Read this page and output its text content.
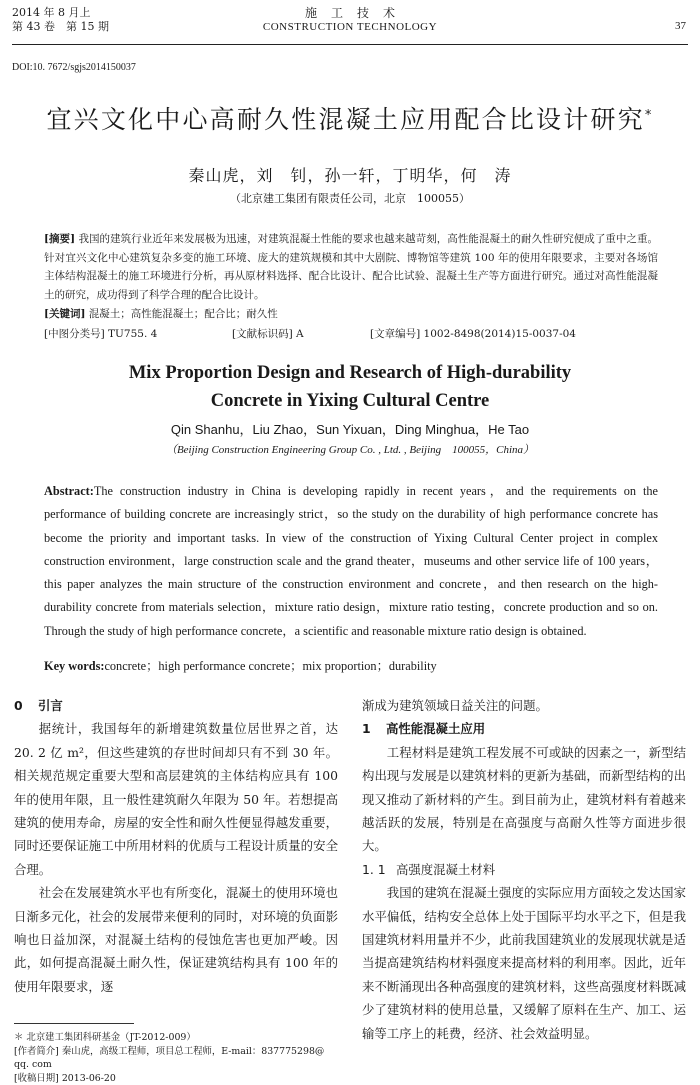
2014 年 8 月上
第 43 卷　第 15 期
施工技术
CONSTRUCTION TECHNOLOGY	37
DOI:10. 7672/sgjs2014150037
宜兴文化中心高耐久性混凝土应用配合比设计研究*
秦山虎，刘　钊，孙一轩，丁明华，何　涛
（北京建工集团有限责任公司，北京　100055）
[摘要] 我国的建筑行业近年来发展极为迅速，对建筑混凝土性能的要求也越来越苛刻，高性能混凝土的耐久性研究便成了重中之重。针对宜兴文化中心建筑复杂多变的施工环境、庞大的建筑规模和其中大剧院、博物馆等建筑 100 年的使用年限要求，主要对各场馆主体结构混凝土的施工环境进行分析，再从原材料选择、配合比设计、配合比试验、混凝土生产等方面进行研究。通过对高性能混凝土的研究，成功得到了科学合理的配合比设计。
[关键词] 混凝土；高性能混凝土；配合比；耐久性
[中图分类号] TU755. 4	[文献标识码] A	[文章编号] 1002-8498(2014)15-0037-04
Mix Proportion Design and Research of High-durability
Concrete in Yixing Cultural Centre
Qin Shanhu，Liu Zhao，Sun Yixuan，Ding Minghua，He Tao
（Beijing Construction Engineering Group Co. , Ltd. , Beijing　100055，China）
Abstract:The construction industry in China is developing rapidly in recent years，and the requirements on the performance of building concrete are increasingly strict，so the study on the durability of high performance concrete has become the priority and important tasks. In view of the construction of Yixing Cultural Center project in complex construction environment，large construction scale and the grand theater，museums and other service life of 100 years，this paper analyzes the main structure of the construction environment and concrete，and then research on the high-durability concrete from materials selection，mixture ratio design，mixture ratio testing，concrete production and so on. Through the study of high performance concrete，a scientific and reasonable mixture ratio design is obtained.
Key words:concrete；high performance concrete；mix proportion；durability
0 引言

据统计，我国每年的新增建筑数量位居世界之首，达 20. 2 亿 m²，但这些建筑的存世时间却只有不到 30 年。相关规范规定重要大型和高层建筑的主体结构应具有 100 年的使用年限，且一般性建筑耐久年限为 50 年。若想提高建筑的使用寿命，房屋的安全性和耐久性便显得越发重要，同时还要保证施工中所用材料的优质与工程设计质量的安全合理。

社会在发展建筑水平也有所变化，混凝土的使用环境也日渐多元化，社会的发展带来便利的同时，对环境的负面影响也日益加深，对混凝土结构的侵蚀危害也更加严峻。因此，如何提高混凝土耐久性，保证建筑结构具有 100 年的使用年限要求，逐

渐成为建筑领域日益关注的问题。

1 高性能混凝土应用

工程材料是建筑工程发展不可或缺的因素之一，新型结构出现与发展是以建筑材料的更新为基础，而新型结构的出现又推动了新材料的产生。到目前为止，建筑材料有着越来越活跃的发展，特别是在高强度与高耐久性等方面进步很大。

1. 1 高强度混凝土材料

我国的建筑在混凝土强度的实际应用方面较之发达国家水平偏低，结构安全总体上处于国际平均水平之下，但是我国建筑材料用量并不少，此前我国建筑业的发展现状就是适当提高建筑结构材料强度来提高材料的利用率。因此，近年来不断涌现出各种高强度的建筑材料，这些高强度材料既减少了建筑材料的使用总量，又缓解了原料在生产、加工、运输等工序上的耗费，经济、社会效益明显。

＊ 北京建工集团科研基金（JT-2012-009）
[作者简介] 秦山虎，高级工程师，项目总工程师，E-mail：837775298@ qq. com
[收稿日期] 2013-06-20
